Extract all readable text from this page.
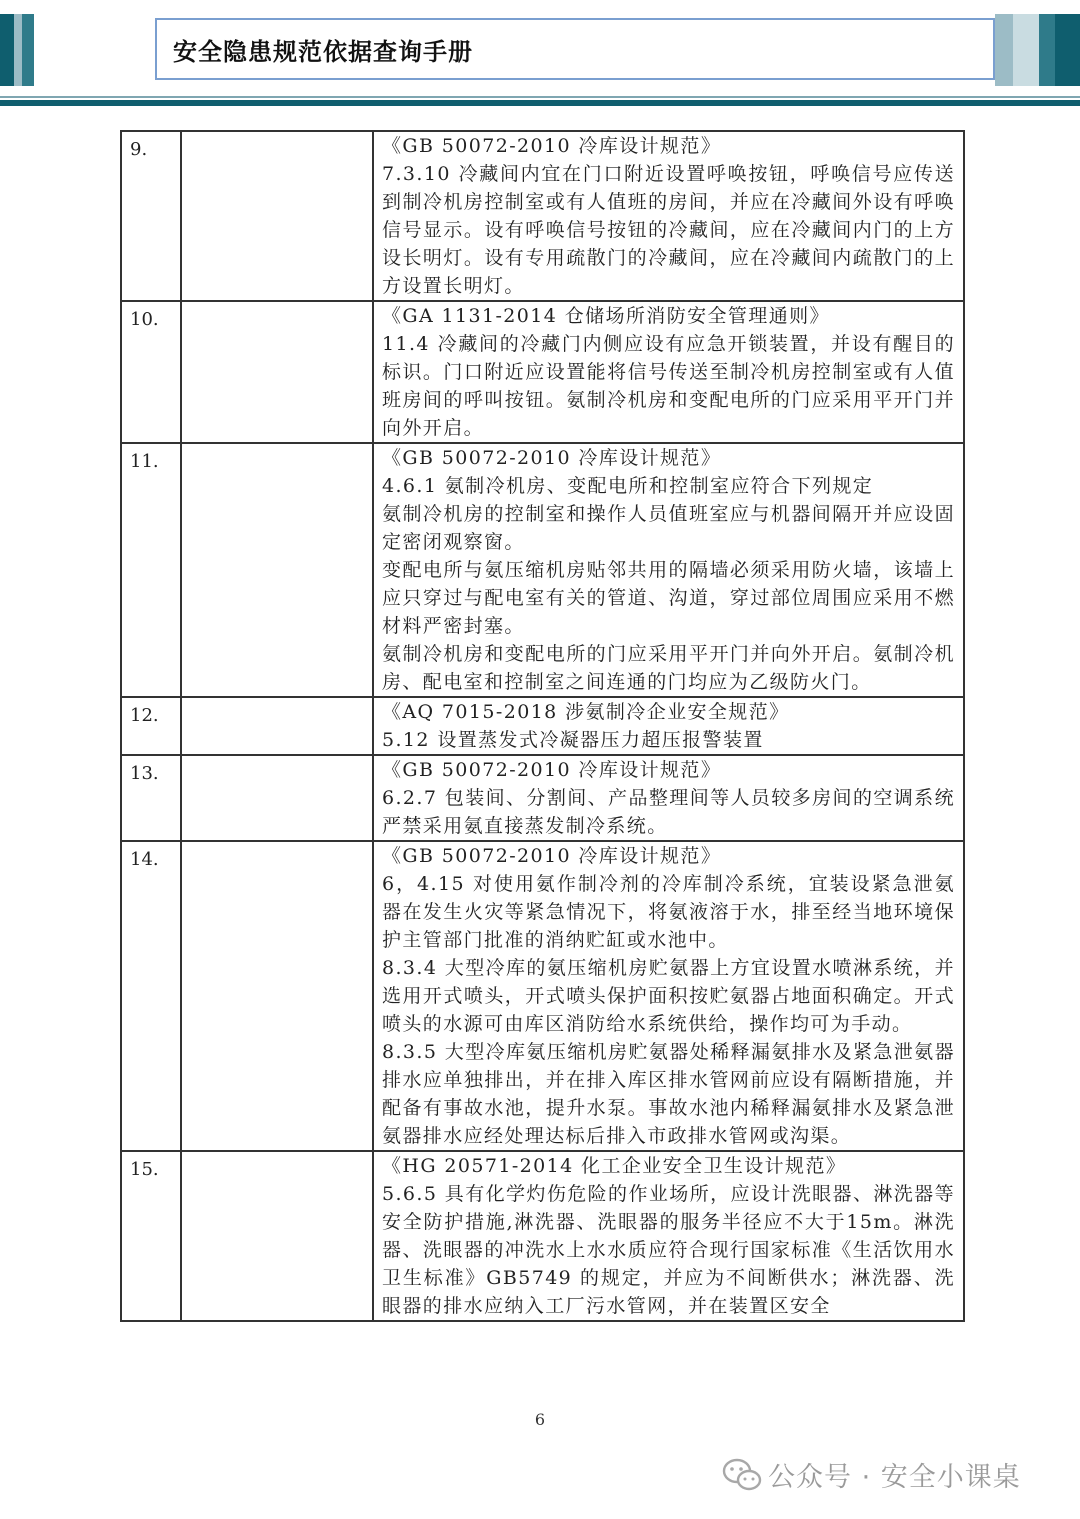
安全隐患规范依据查询手册
9.		《GB 50072-2010 冷库设计规范》

7.3.10 冷藏间内宜在门口附近设置呼唤按钮，呼唤信号应传送到制冷机房控制室或有人值班的房间，并应在冷藏间外设有呼唤信号显示。设有呼唤信号按钮的冷藏间，应在冷藏间内门的上方设长明灯。设有专用疏散门的冷藏间，应在冷藏间内疏散门的上方设置长明灯。

10.		《GA 1131-2014 仓储场所消防安全管理通则》

11.4 冷藏间的冷藏门内侧应设有应急开锁装置，并设有醒目的标识。门口附近应设置能将信号传送至制冷机房控制室或有人值班房间的呼叫按钮。氨制冷机房和变配电所的门应采用平开门并向外开启。

11.		《GB 50072-2010 冷库设计规范》

4.6.1 氨制冷机房、变配电所和控制室应符合下列规定

氨制冷机房的控制室和操作人员值班室应与机器间隔开并应设固定密闭观察窗。

变配电所与氨压缩机房贴邻共用的隔墙必须采用防火墙，该墙上应只穿过与配电室有关的管道、沟道，穿过部位周围应采用不燃材料严密封塞。

氨制冷机房和变配电所的门应采用平开门并向外开启。氨制冷机房、配电室和控制室之间连通的门均应为乙级防火门。

12.		《AQ 7015-2018 涉氨制冷企业安全规范》

5.12 设置蒸发式冷凝器压力超压报警装置

13.		《GB 50072-2010 冷库设计规范》

6.2.7 包装间、分割间、产品整理间等人员较多房间的空调系统严禁采用氨直接蒸发制冷系统。

14.		《GB 50072-2010 冷库设计规范》

6，4.15 对使用氨作制冷剂的冷库制冷系统，宜装设紧急泄氨器在发生火灾等紧急情况下，将氨液溶于水，排至经当地环境保护主管部门批准的消纳贮缸或水池中。

8.3.4 大型冷库的氨压缩机房贮氨器上方宜设置水喷淋系统，并选用开式喷头，开式喷头保护面积按贮氨器占地面积确定。开式喷头的水源可由库区消防给水系统供给，操作均可为手动。

8.3.5 大型冷库氨压缩机房贮氨器处稀释漏氨排水及紧急泄氨器排水应单独排出，并在排入库区排水管网前应设有隔断措施，并配备有事故水池，提升水泵。事故水池内稀释漏氨排水及紧急泄氨器排水应经处理达标后排入市政排水管网或沟渠。

15.		《HG 20571-2014 化工企业安全卫生设计规范》

5.6.5 具有化学灼伤危险的作业场所，应设计洗眼器、淋洗器等安全防护措施,淋洗器、洗眼器的服务半径应不大于15m。淋洗器、洗眼器的冲洗水上水水质应符合现行国家标准《生活饮用水卫生标准》GB5749 的规定，并应为不间断供水；淋洗器、洗眼器的排水应纳入工厂污水管网，并在装置区安全

6
公众号 · 安全小课桌
